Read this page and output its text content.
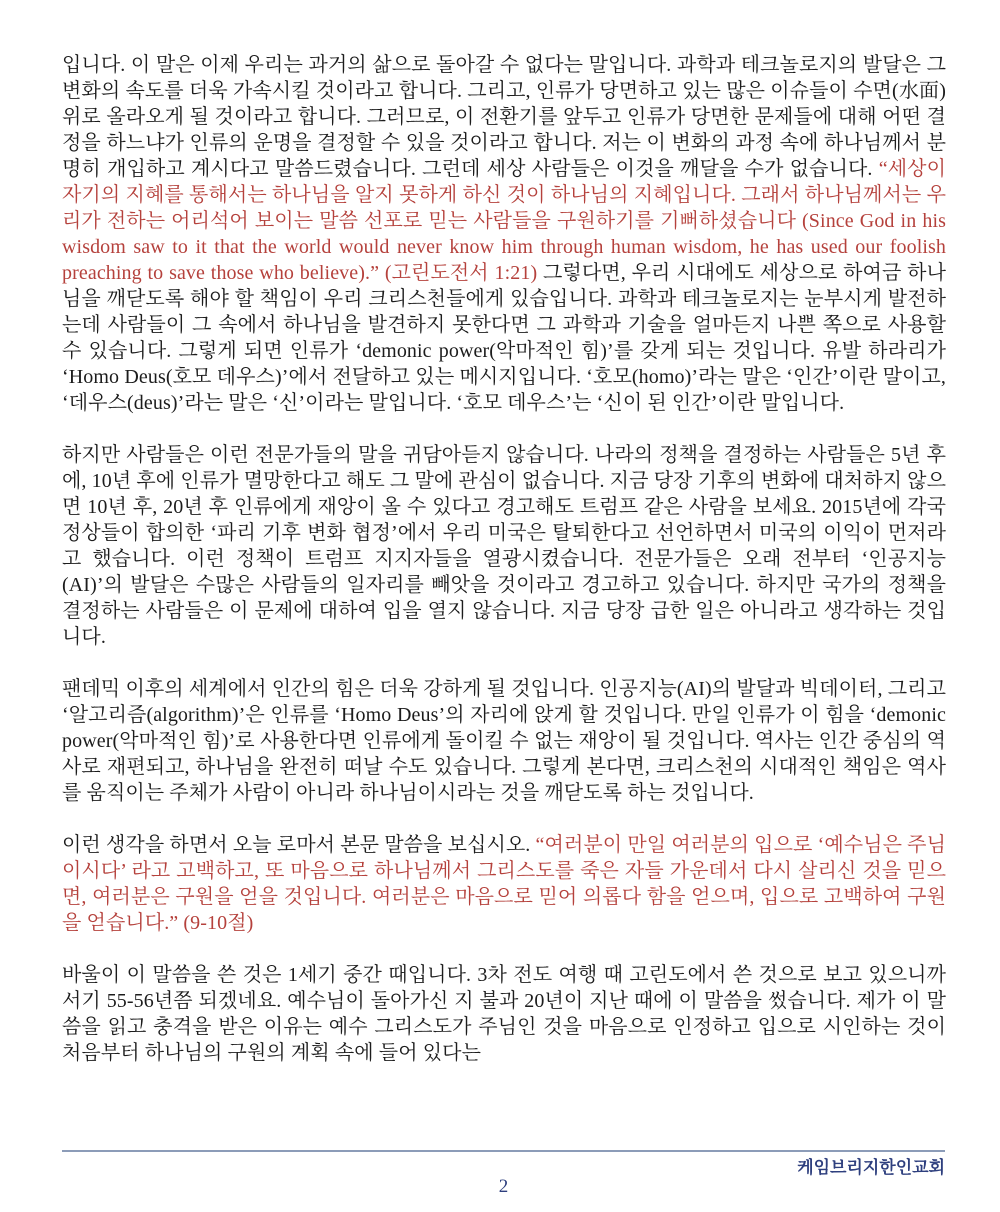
입니다. 이 말은 이제 우리는 과거의 삶으로 돌아갈 수 없다는 말입니다. 과학과 테크놀로지의 발달은 그 변화의 속도를 더욱 가속시킬 것이라고 합니다. 그리고, 인류가 당면하고 있는 많은 이슈들이 수면(水面) 위로 올라오게 될 것이라고 합니다. 그러므로, 이 전환기를 앞두고 인류가 당면한 문제들에 대해 어떤 결정을 하느냐가 인류의 운명을 결정할 수 있을 것이라고 합니다. 저는 이 변화의 과정 속에 하나님께서 분명히 개입하고 계시다고 말씀드렸습니다. 그런데 세상 사람들은 이것을 깨달을 수가 없습니다. “세상이 자기의 지혜를 통해서는 하나님을 알지 못하게 하신 것이 하나님의 지혜입니다. 그래서 하나님께서는 우리가 전하는 어리석어 보이는 말씀 선포로 믿는 사람들을 구원하기를 기뻐하셨습니다 (Since God in his wisdom saw to it that the world would never know him through human wisdom, he has used our foolish preaching to save those who believe).” (고린도전서 1:21) 그렇다면, 우리 시대에도 세상으로 하여금 하나님을 깨닫도록 해야 할 책임이 우리 크리스천들에게 있습입니다. 과학과 테크놀로지는 눈부시게 발전하는데 사람들이 그 속에서 하나님을 발견하지 못한다면 그 과학과 기술을 얼마든지 나쁜 쪽으로 사용할 수 있습니다. 그렇게 되면 인류가 ‘demonic power(악마적인 힘)’를 갖게 되는 것입니다. 유발 하라리가 ‘Homo Deus(호모 데우스)’에서 전달하고 있는 메시지입니다. ‘호모(homo)’라는 말은 ‘인간’이란 말이고, ‘데우스(deus)’라는 말은 ‘신’이라는 말입니다. ‘호모 데우스’는 ‘신이 된 인간’이란 말입니다.

하지만 사람들은 이런 전문가들의 말을 귀담아듣지 않습니다. 나라의 정책을 결정하는 사람들은 5년 후에, 10년 후에 인류가 멸망한다고 해도 그 말에 관심이 없습니다. 지금 당장 기후의 변화에 대처하지 않으면 10년 후, 20년 후 인류에게 재앙이 올 수 있다고 경고해도 트럼프 같은 사람을 보세요. 2015년에 각국 정상들이 합의한 ‘파리 기후 변화 협정’에서 우리 미국은 탈퇴한다고 선언하면서 미국의 이익이 먼저라고 했습니다. 이런 정책이 트럼프 지지자들을 열광시켰습니다. 전문가들은 오래 전부터 ‘인공지능(AI)’의 발달은 수많은 사람들의 일자리를 빼앗을 것이라고 경고하고 있습니다. 하지만 국가의 정책을 결정하는 사람들은 이 문제에 대하여 입을 열지 않습니다. 지금 당장 급한 일은 아니라고 생각하는 것입니다.

팬데믹 이후의 세계에서 인간의 힘은 더욱 강하게 될 것입니다. 인공지능(AI)의 발달과 빅데이터, 그리고 ‘알고리즘(algorithm)’은 인류를 ‘Homo Deus’의 자리에 앉게 할 것입니다. 만일 인류가 이 힘을 ‘demonic power(악마적인 힘)’로 사용한다면 인류에게 돌이킬 수 없는 재앙이 될 것입니다. 역사는 인간 중심의 역사로 재편되고, 하나님을 완전히 떠날 수도 있습니다. 그렇게 본다면, 크리스천의 시대적인 책임은 역사를 움직이는 주체가 사람이 아니라 하나님이시라는 것을 깨닫도록 하는 것입니다.

이런 생각을 하면서 오늘 로마서 본문 말씀을 보십시오. “여러분이 만일 여러분의 입으로 ‘예수님은 주님이시다’ 라고 고백하고, 또 마음으로 하나님께서 그리스도를 죽은 자들 가운데서 다시 살리신 것을 믿으면, 여러분은 구원을 얻을 것입니다. 여러분은 마음으로 믿어 의롭다 함을 얻으며, 입으로 고백하여 구원을 얻습니다.” (9-10절)

바울이 이 말씀을 쓴 것은 1세기 중간 때입니다. 3차 전도 여행 때 고린도에서 쓴 것으로 보고 있으니까 서기 55-56년쯤 되겠네요. 예수님이 돌아가신 지 불과 20년이 지난 때에 이 말씀을 썼습니다. 제가 이 말씀을 읽고 충격을 받은 이유는 예수 그리스도가 주님인 것을 마음으로 인정하고 입으로 시인하는 것이 처음부터 하나님의 구원의 계획 속에 들어 있다는

케임브리지한인교회
2
